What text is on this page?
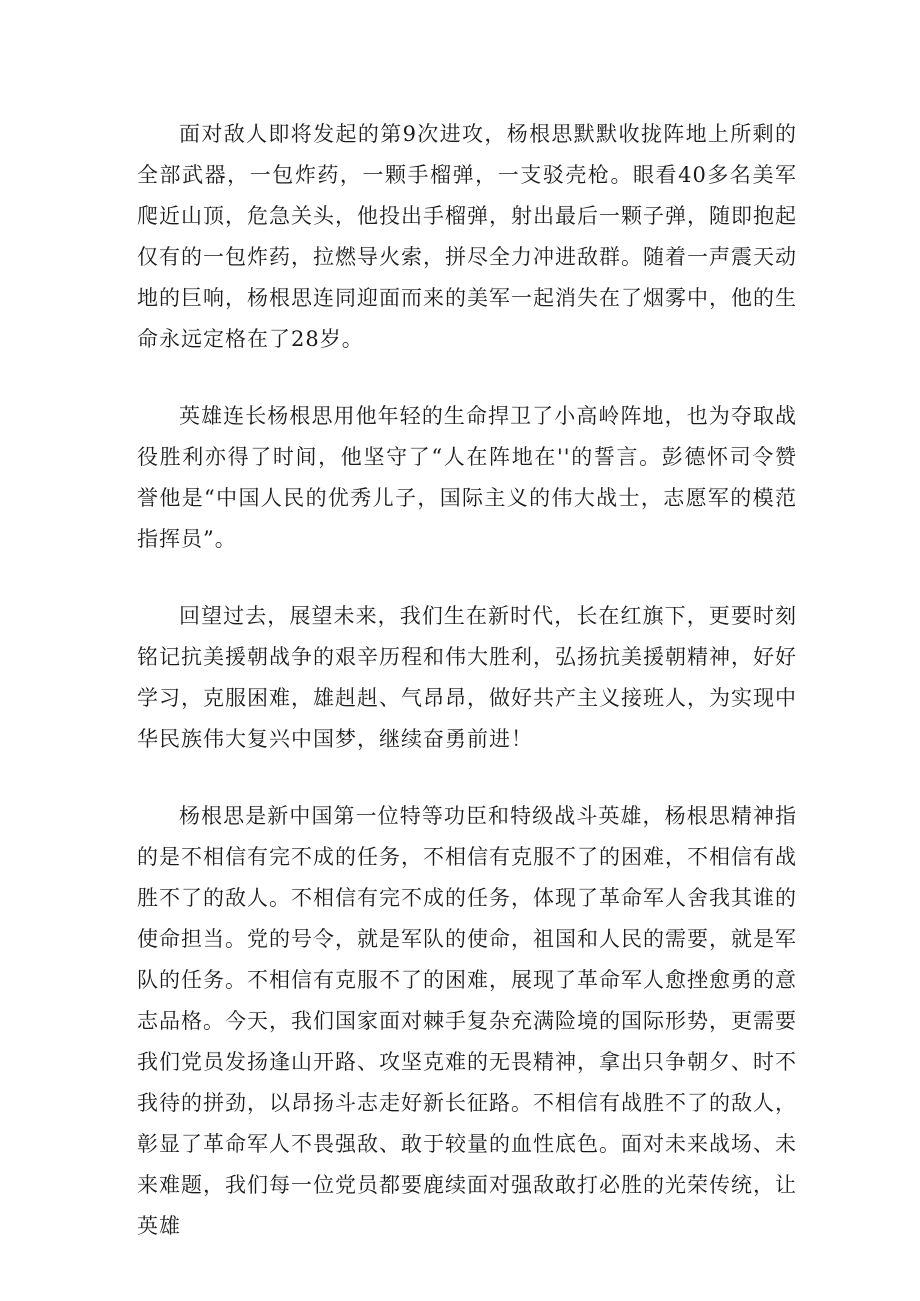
面对敌人即将发起的第9次进攻，杨根思默默收拢阵地上所剩的全部武器，一包炸药，一颗手榴弹，一支驳壳枪。眼看40多名美军爬近山顶，危急关头，他投出手榴弹，射出最后一颗子弹，随即抱起仅有的一包炸药，拉燃导火索，拼尽全力冲进敌群。随着一声震天动地的巨响，杨根思连同迎面而来的美军一起消失在了烟雾中，他的生命永远定格在了28岁。

英雄连长杨根思用他年轻的生命捍卫了小高岭阵地，也为夺取战役胜利亦得了时间，他坚守了“人在阵地在''的誓言。彭德怀司令赞誉他是“中国人民的优秀儿子，国际主义的伟大战士，志愿军的模范指挥员”。

回望过去，展望未来，我们生在新时代，长在红旗下，更要时刻铭记抗美援朝战争的艰辛历程和伟大胜利，弘扬抗美援朝精神，好好学习，克服困难，雄赳赳、气昂昂，做好共产主义接班人，为实现中华民族伟大复兴中国梦，继续奋勇前进！

杨根思是新中国第一位特等功臣和特级战斗英雄，杨根思精神指的是不相信有完不成的任务，不相信有克服不了的困难，不相信有战胜不了的敌人。不相信有完不成的任务，体现了革命军人舍我其谁的使命担当。党的号令，就是军队的使命，祖国和人民的需要，就是军队的任务。不相信有克服不了的困难，展现了革命军人愈挫愈勇的意志品格。今天，我们国家面对棘手复杂充满险境的国际形势，更需要我们党员发扬逢山开路、攻坚克难的无畏精神，拿出只争朝夕、时不我待的拼劲，以昂扬斗志走好新长征路。不相信有战胜不了的敌人，彰显了革命军人不畏强敌、敢于较量的血性底色。面对未来战场、未来难题，我们每一位党员都要鹿续面对强敌敢打必胜的光荣传统，让英雄
